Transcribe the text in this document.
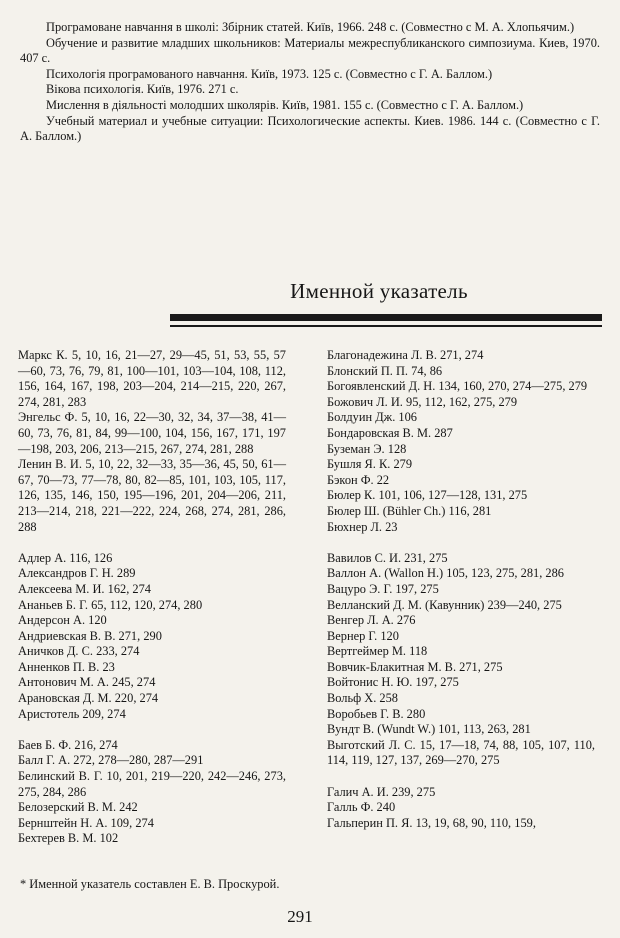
Програмоване навчання в школі: Збірник статей. Київ, 1966. 248 с. (Совместно с М. А. Хлопьячим.)

Обучение и развитие младших школьников: Материалы межреспубликанского симпозиума. Киев, 1970. 407 с.

Психологія програмованого навчання. Київ, 1973. 125 с. (Совместно с Г. А. Баллом.)

Вікова психологія. Київ, 1976. 271 с.

Мислення в діяльності молодших школярів. Київ, 1981. 155 с. (Совместно с Г. А. Баллом.)

Учебный материал и учебные ситуации: Психологические аспекты. Киев. 1986. 144 с. (Совместно с Г. А. Баллом.)

Именной указатель
Маркс К. 5, 10, 16, 21—27, 29—45, 51, 53, 55, 57—60, 73, 76, 79, 81, 100—101, 103—104, 108, 112, 156, 164, 167, 198, 203—204, 214—215, 220, 267, 274, 281, 283
Энгельс Ф. 5, 10, 16, 22—30, 32, 34, 37—38, 41—60, 73, 76, 81, 84, 99—100, 104, 156, 167, 171, 197—198, 203, 206, 213—215, 267, 274, 281, 288
Ленин В. И. 5, 10, 22, 32—33, 35—36, 45, 50, 61—67, 70—73, 77—78, 80, 82—85, 101, 103, 105, 117, 126, 135, 146, 150, 195—196, 201, 204—206, 211, 213—214, 218, 221—222, 224, 268, 274, 281, 286, 288
Адлер А. 116, 126
Александров Г. Н. 289
Алексеева М. И. 162, 274
Ананьев Б. Г. 65, 112, 120, 274, 280
Андерсон А. 120
Андриевская В. В. 271, 290
Аничков Д. С. 233, 274
Анненков П. В. 23
Антонович М. А. 245, 274
Арановская Д. М. 220, 274
Аристотель 209, 274
Баев Б. Ф. 216, 274
Балл Г. А. 272, 278—280, 287—291
Белинский В. Г. 10, 201, 219—220, 242—246, 273, 275, 284, 286
Белозерский В. М. 242
Бернштейн Н. А. 109, 274
Бехтерев В. М. 102
Благонадежина Л. В. 271, 274
Блонский П. П. 74, 86
Богоявленский Д. Н. 134, 160, 270, 274—275, 279
Божович Л. И. 95, 112, 162, 275, 279
Болдуин Дж. 106
Бондаровская В. М. 287
Буземан Э. 128
Бушля Я. К. 279
Бэкон Ф. 22
Бюлер К. 101, 106, 127—128, 131, 275
Бюлер Ш. (Bühler Ch.) 116, 281
Бюхнер Л. 23
Вавилов С. И. 231, 275
Валлон А. (Wallon H.) 105, 123, 275, 281, 286
Вацуро Э. Г. 197, 275
Велланский Д. М. (Кавунник) 239—240, 275
Венгер Л. А. 276
Вернер Г. 120
Вертгеймер М. 118
Вовчик-Блакитная М. В. 271, 275
Войтонис Н. Ю. 197, 275
Вольф Х. 258
Воробьев Г. В. 280
Вундт В. (Wundt W.) 101, 113, 263, 281
Выготский Л. С. 15, 17—18, 74, 88, 105, 107, 110, 114, 119, 127, 137, 269—270, 275
Галич А. И. 239, 275
Галль Ф. 240
Гальперин П. Я. 13, 19, 68, 90, 110, 159,
* Именной указатель составлен Е. В. Проскурой.
291
